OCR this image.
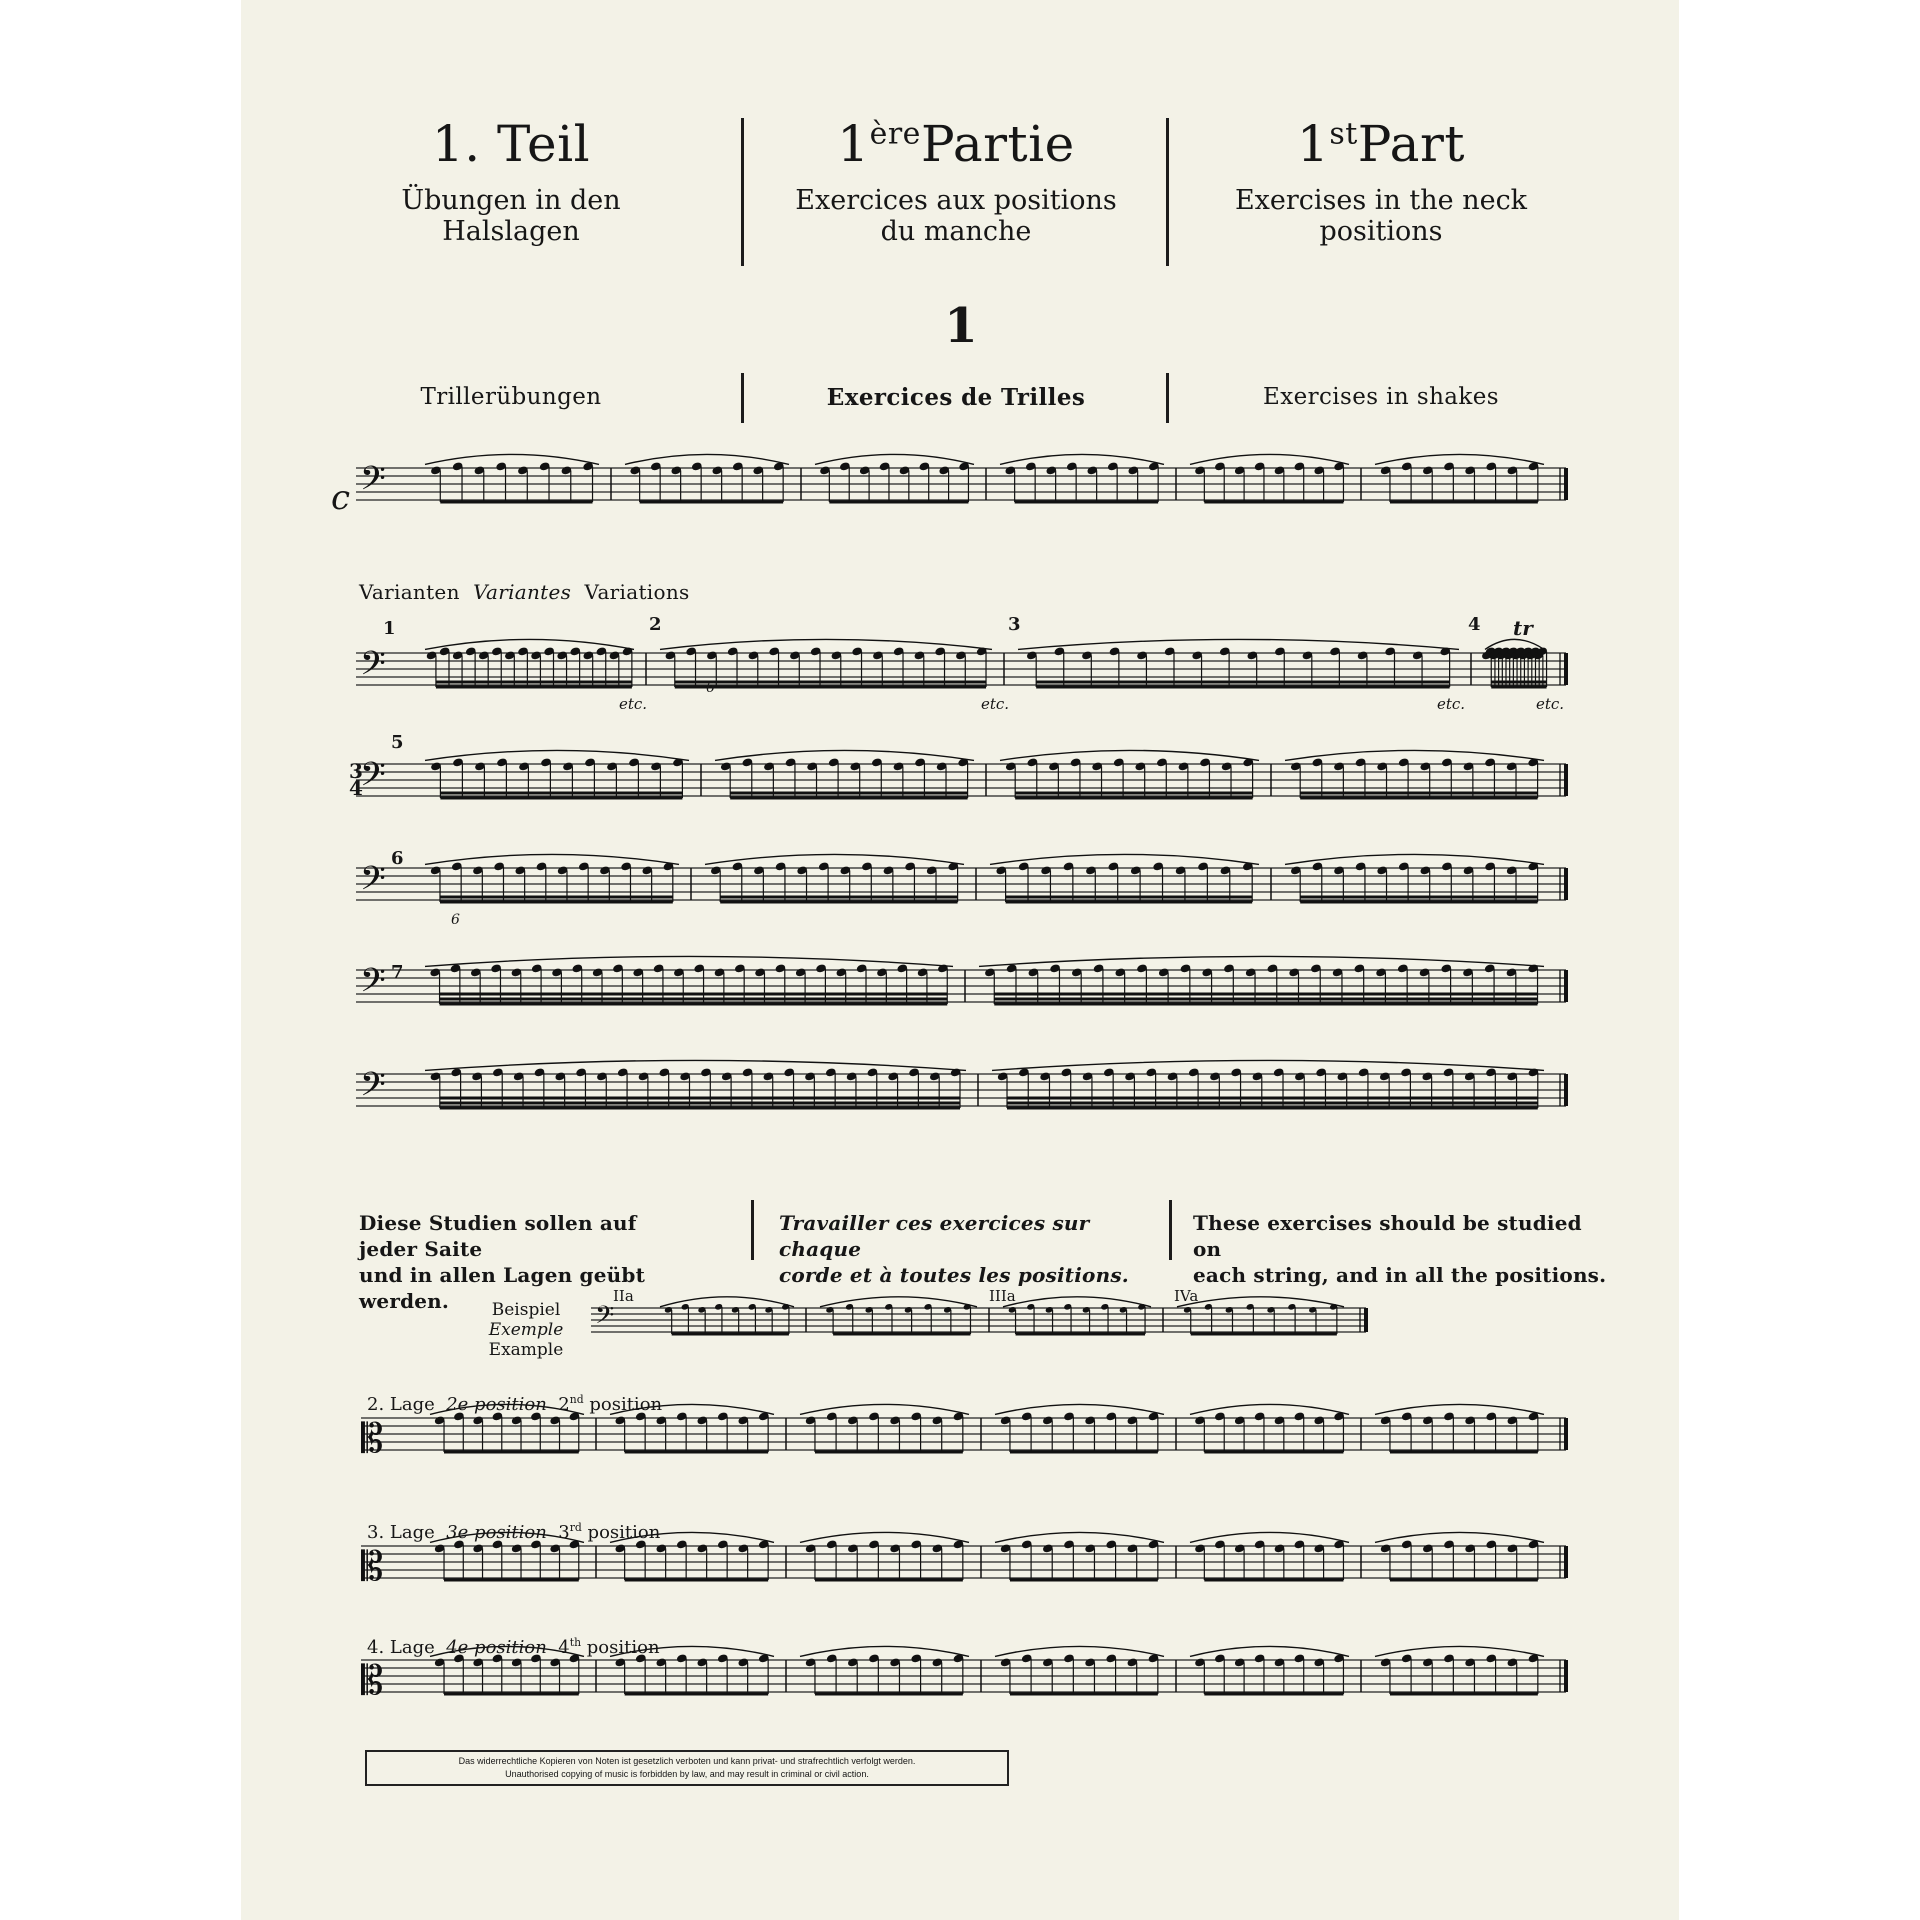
1. Teil
Übungen in den
Halslagen
1èrePartie
Exercices aux positions
du manche
1stPart
Exercises in the neck
positions
1
Trillerübungen	Exercices de Trilles	Exercises in shakes
𝄢
𝄢
𝄢
𝄢
𝄢
𝄢
𝄢
𝄡
𝄡
𝄡
c
Varianten Variantes Variations
1	2	3	4 tr
etc.	etc.	etc.	etc.
6
5
3
4
6
6
7
Diese Studien sollen auf jeder Saite
und in allen Lagen geübt werden.
Travailler ces exercices sur chaque
corde et à toutes les positions.
These exercises should be studied on
each string, and in all the positions.
Beispiel
Exemple
Example
IIa	IIIa	IVa
2. Lage 2e position 2nd position
3. Lage 3e position 3rd position
4. Lage 4e position 4th position
Das widerrechtliche Kopieren von Noten ist gesetzlich verboten und kann privat- und strafrechtlich verfolgt werden.
Unauthorised copying of music is forbidden by law, and may result in criminal or civil action.
